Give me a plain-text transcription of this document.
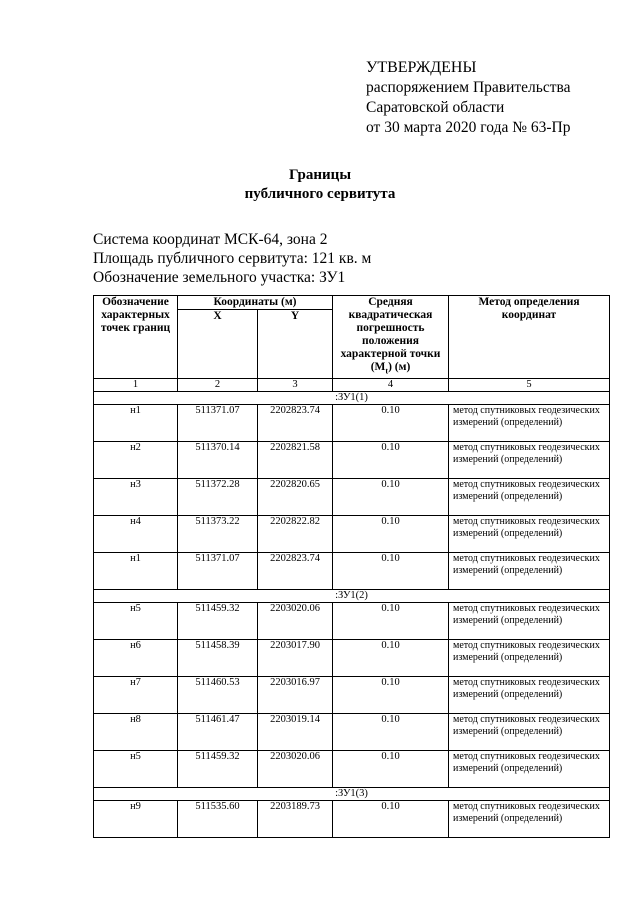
УТВЕРЖДЕНЫ
распоряжением Правительства
Саратовской области
от 30 марта 2020 года № 63-Пр
Границы
публичного сервитута
Система координат МСК-64, зона 2
Площадь публичного сервитута: 121 кв. м
Обозначение земельного участка: ЗУ1
Обозначение характерных точек границ	Координаты (м)		Средняя квадратическая погрешность положения характерной точки $(M_t)$ (м)	Метод определения координат
	X	Y		
1	2	3	4	5
:ЗУ1(1)				
н1	511371.07	2202823.74	0.10	метод спутниковых геодезических измерений (определений)
н2	511370.14	2202821.58	0.10	метод спутниковых геодезических измерений (определений)
н3	511372.28	2202820.65	0.10	метод спутниковых геодезических измерений (определений)
н4	511373.22	2202822.82	0.10	метод спутниковых геодезических измерений (определений)
н1	511371.07	2202823.74	0.10	метод спутниковых геодезических измерений (определений)
:ЗУ1(2)				
н5	511459.32	2203020.06	0.10	метод спутниковых геодезических измерений (определений)
н6	511458.39	2203017.90	0.10	метод спутниковых геодезических измерений (определений)
н7	511460.53	2203016.97	0.10	метод спутниковых геодезических измерений (определений)
н8	511461.47	2203019.14	0.10	метод спутниковых геодезических измерений (определений)
н5	511459.32	2203020.06	0.10	метод спутниковых геодезических измерений (определений)
:ЗУ1(3)				
н9	511535.60	2203189.73	0.10	метод спутниковых геодезических измерений (определений)
